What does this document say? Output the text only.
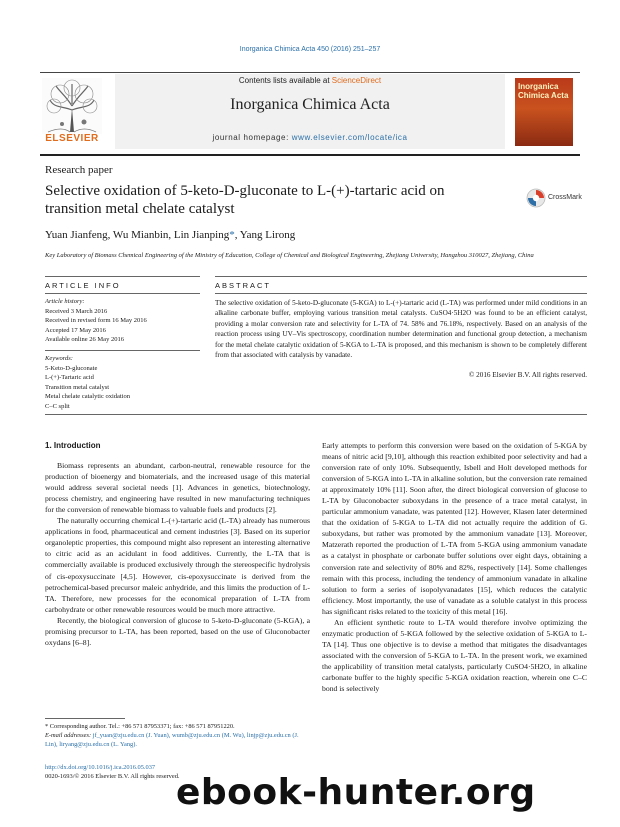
Inorganica Chimica Acta 450 (2016) 251–257
ELSEVIER
Contents lists available at ScienceDirect
Inorganica Chimica Acta
journal homepage: www.elsevier.com/locate/ica
Inorganica Chimica Acta
Research paper
Selective oxidation of 5-keto-D-gluconate to L-(+)-tartaric acid on transition metal chelate catalyst
CrossMark
Yuan Jianfeng, Wu Mianbin, Lin Jianping*, Yang Lirong
Key Laboratory of Biomass Chemical Engineering of the Ministry of Education, College of Chemical and Biological Engineering, Zhejiang University, Hangzhou 310027, Zhejiang, China
ARTICLE INFO	ABSTRACT
Article history:
Received 3 March 2016
Received in revised form 16 May 2016
Accepted 17 May 2016
Available online 26 May 2016
Keywords:
5-Keto-D-gluconate
L-(+)-Tartaric acid
Transition metal catalyst
Metal chelate catalytic oxidation
C–C split
The selective oxidation of 5-keto-D-gluconate (5-KGA) to L-(+)-tartaric acid (L-TA) was performed under mild conditions in an alkaline carbonate buffer, employing various transition metal catalysts. CuSO4·5H2O was found to be an efficient catalyst, providing a molar conversion rate and selectivity for L-TA of 74. 58% and 76.18%, respectively. Based on an analysis of the reaction process using UV–Vis spectroscopy, coordination number determination and functional group detection, a mechanism for the metal chelate catalytic oxidation of 5-KGA to L-TA is proposed, and this mechanism is shown to be completely different from that associated with catalysis by vanadate.
© 2016 Elsevier B.V. All rights reserved.
1. Introduction

Biomass represents an abundant, carbon-neutral, renewable resource for the production of bioenergy and biomaterials, and the increased usage of this material would address several societal needs [1]. Advances in genetics, biotechnology, process chemistry, and engineering have resulted in new manufacturing techniques for the conversion of renewable biomass to valuable fuels and products [2].

The naturally occurring chemical L-(+)-tartaric acid (L-TA) already has numerous applications in food, pharmaceutical and cement industries [3]. Based on its superior organoleptic properties, this compound might also represent an interesting alternative to citric acid as an acidulant in food additives. Currently, the L-TA that is commercially available is produced exclusively through the stereospecific hydrolysis of cis-epoxysuccinate [4,5]. However, cis-epoxysuccinate is derived from the petrochemical-based precursor maleic anhydride, and this limits the production of L-TA. Therefore, new processes for the economical preparation of L-TA from carbohydrate or other renewable resources would be much more attractive.

Recently, the biological conversion of glucose to 5-keto-D-gluconate (5-KGA), a promising precursor to L-TA, has been reported, based on the use of Gluconobacter oxydans [6–8].

Early attempts to perform this conversion were based on the oxidation of 5-KGA by means of nitric acid [9,10], although this reaction exhibited poor selectivity and had a conversion rate of only 10%. Subsequently, Isbell and Holt developed methods for conversion of 5-KGA into L-TA in alkaline solution, but the conversion rate remained at approximately 10% [11]. Soon after, the direct biological conversion of glucose to L-TA by Gluconobacter suboxydans in the presence of a trace metal catalyst, in particular ammonium vanadate, was patented [12]. However, Klasen later determined that the oxidation of 5-KGA to L-TA did not actually require the addition of G. suboxydans, but rather was promoted by the ammonium vanadate [13]. Moreover, Matzerath reported the production of L-TA from 5-KGA using ammonium vanadate as a catalyst in phosphate or carbonate buffer solutions over eight days, obtaining a conversion rate and selectivity of 80% and 82%, respectively [14]. Some challenges remain with this process, including the tendency of ammonium vanadate in alkaline solution to form a series of isopolyvanadates [15], which reduces the catalytic efficiency. Most importantly, the use of vanadate as a soluble catalyst in this process has significant risks related to the toxicity of this metal [16].

An efficient synthetic route to L-TA would therefore involve optimizing the enzymatic production of 5-KGA followed by the selective oxidation of 5-KGA to L-TA [14]. Thus one objective is to devise a method that mitigates the disadvantages associated with the conversion of 5-KGA to L-TA. In the present work, we examined the applicability of transition metal catalysts, particularly CuSO4·5H2O, in alkaline carbonate buffer to the highly specific 5-KGA oxidation reaction, wherein one C–C bond is selectively

* Corresponding author. Tel.: +86 571 87953371; fax: +86 571 87951220.
E-mail addresses: jf_yuan@zju.edu.cn (J. Yuan), wumb@zju.edu.cn (M. Wu), linjp@zju.edu.cn (J. Lin), liryang@zju.edu.cn (L. Yang).
http://dx.doi.org/10.1016/j.ica.2016.05.037
0020-1693/© 2016 Elsevier B.V. All rights reserved.
ebook-hunter.org
